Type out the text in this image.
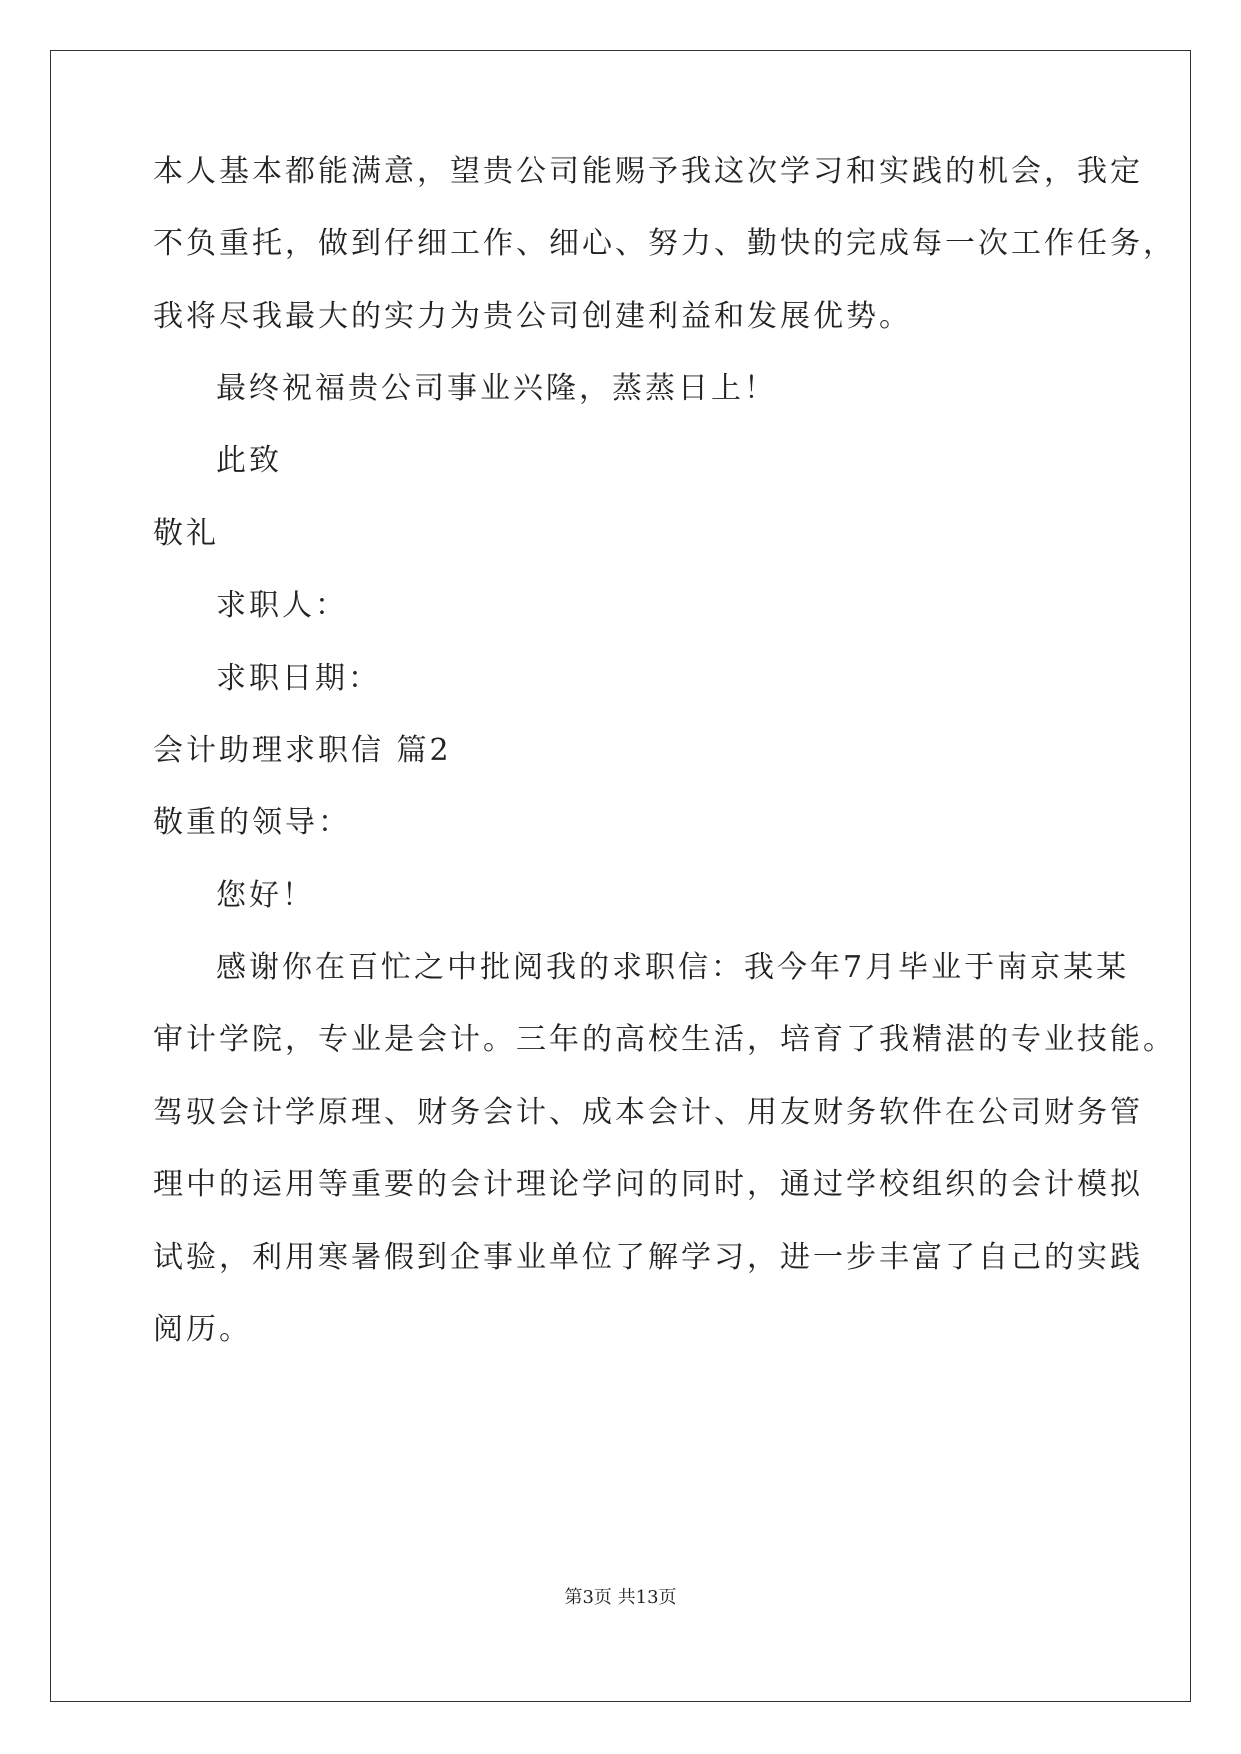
本人基本都能满意，望贵公司能赐予我这次学习和实践的机会，我定
不负重托，做到仔细工作、细心、努力、勤快的完成每一次工作任务，
我将尽我最大的实力为贵公司创建利益和发展优势。
最终祝福贵公司事业兴隆，蒸蒸日上！
此致
敬礼
求职人：
求职日期：
会计助理求职信 篇2
敬重的领导：
您好！
感谢你在百忙之中批阅我的求职信：我今年7月毕业于南京某某
审计学院，专业是会计。三年的高校生活，培育了我精湛的专业技能。
驾驭会计学原理、财务会计、成本会计、用友财务软件在公司财务管
理中的运用等重要的会计理论学问的同时，通过学校组织的会计模拟
试验，利用寒暑假到企事业单位了解学习，进一步丰富了自己的实践
阅历。
第3页 共13页
